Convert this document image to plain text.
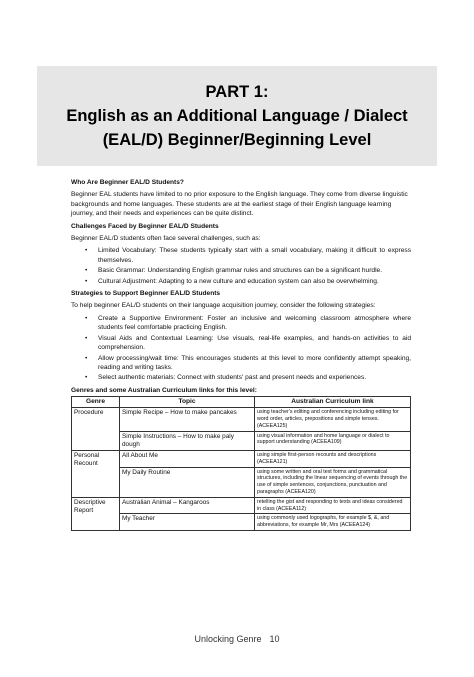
PART 1:
English as an Additional Language / Dialect
(EAL/D) Beginner/Beginning Level
Who Are Beginner EAL/D Students?
Beginner EAL students have limited to no prior exposure to the English language. They come from diverse linguistic backgrounds and home languages. These students are at the earliest stage of their English language learning journey, and their needs and experiences can be quite distinct.
Challenges Faced by Beginner EAL/D Students
Beginner EAL/D students often face several challenges, such as:
• Limited Vocabulary: These students typically start with a small vocabulary, making it difficult to express themselves.
• Basic Grammar: Understanding English grammar rules and structures can be a significant hurdle.
• Cultural Adjustment: Adapting to a new culture and education system can also be overwhelming.
Strategies to Support Beginner EAL/D Students
To help beginner EAL/D students on their language acquisition journey, consider the following strategies:
• Create a Supportive Environment: Foster an inclusive and welcoming classroom atmosphere where students feel comfortable practicing English.
• Visual Aids and Contextual Learning: Use visuals, real-life examples, and hands-on activities to aid comprehension.
• Allow processing/wait time: This encourages students at this level to more confidently attempt speaking, reading and writing tasks.
• Select authentic materials: Connect with students' past and present needs and experiences.
Genres and some Australian Curriculum links for this level:
Genre	Topic	Australian Curriculum link
Procedure	Simple Recipe – How to make pancakes	using teacher's editing and conferencing including editing for word order, articles, prepositions and simple tenses. (ACEEA125)
	Simple Instructions – How to make paly dough	using visual information and home language or dialect to support understanding (ACEEA109)
Personal Recount	All About Me	using simple first-person recounts and descriptions (ACEEA121)
	My Daily Routine	using some written and oral text forms and grammatical structures, including the linear sequencing of events through the use of simple sentences, conjunctions, punctuation and paragraphs (ACEEA120)
Descriptive Report	Australian Animal – Kangaroos	retelling the gist and responding to texts and ideas considered in class (ACEEA112)
	My Teacher	using commonly used logographs, for example $, &, and abbreviations, for example Mr, Mrs (ACEEA124)
Unlocking Genre 10
